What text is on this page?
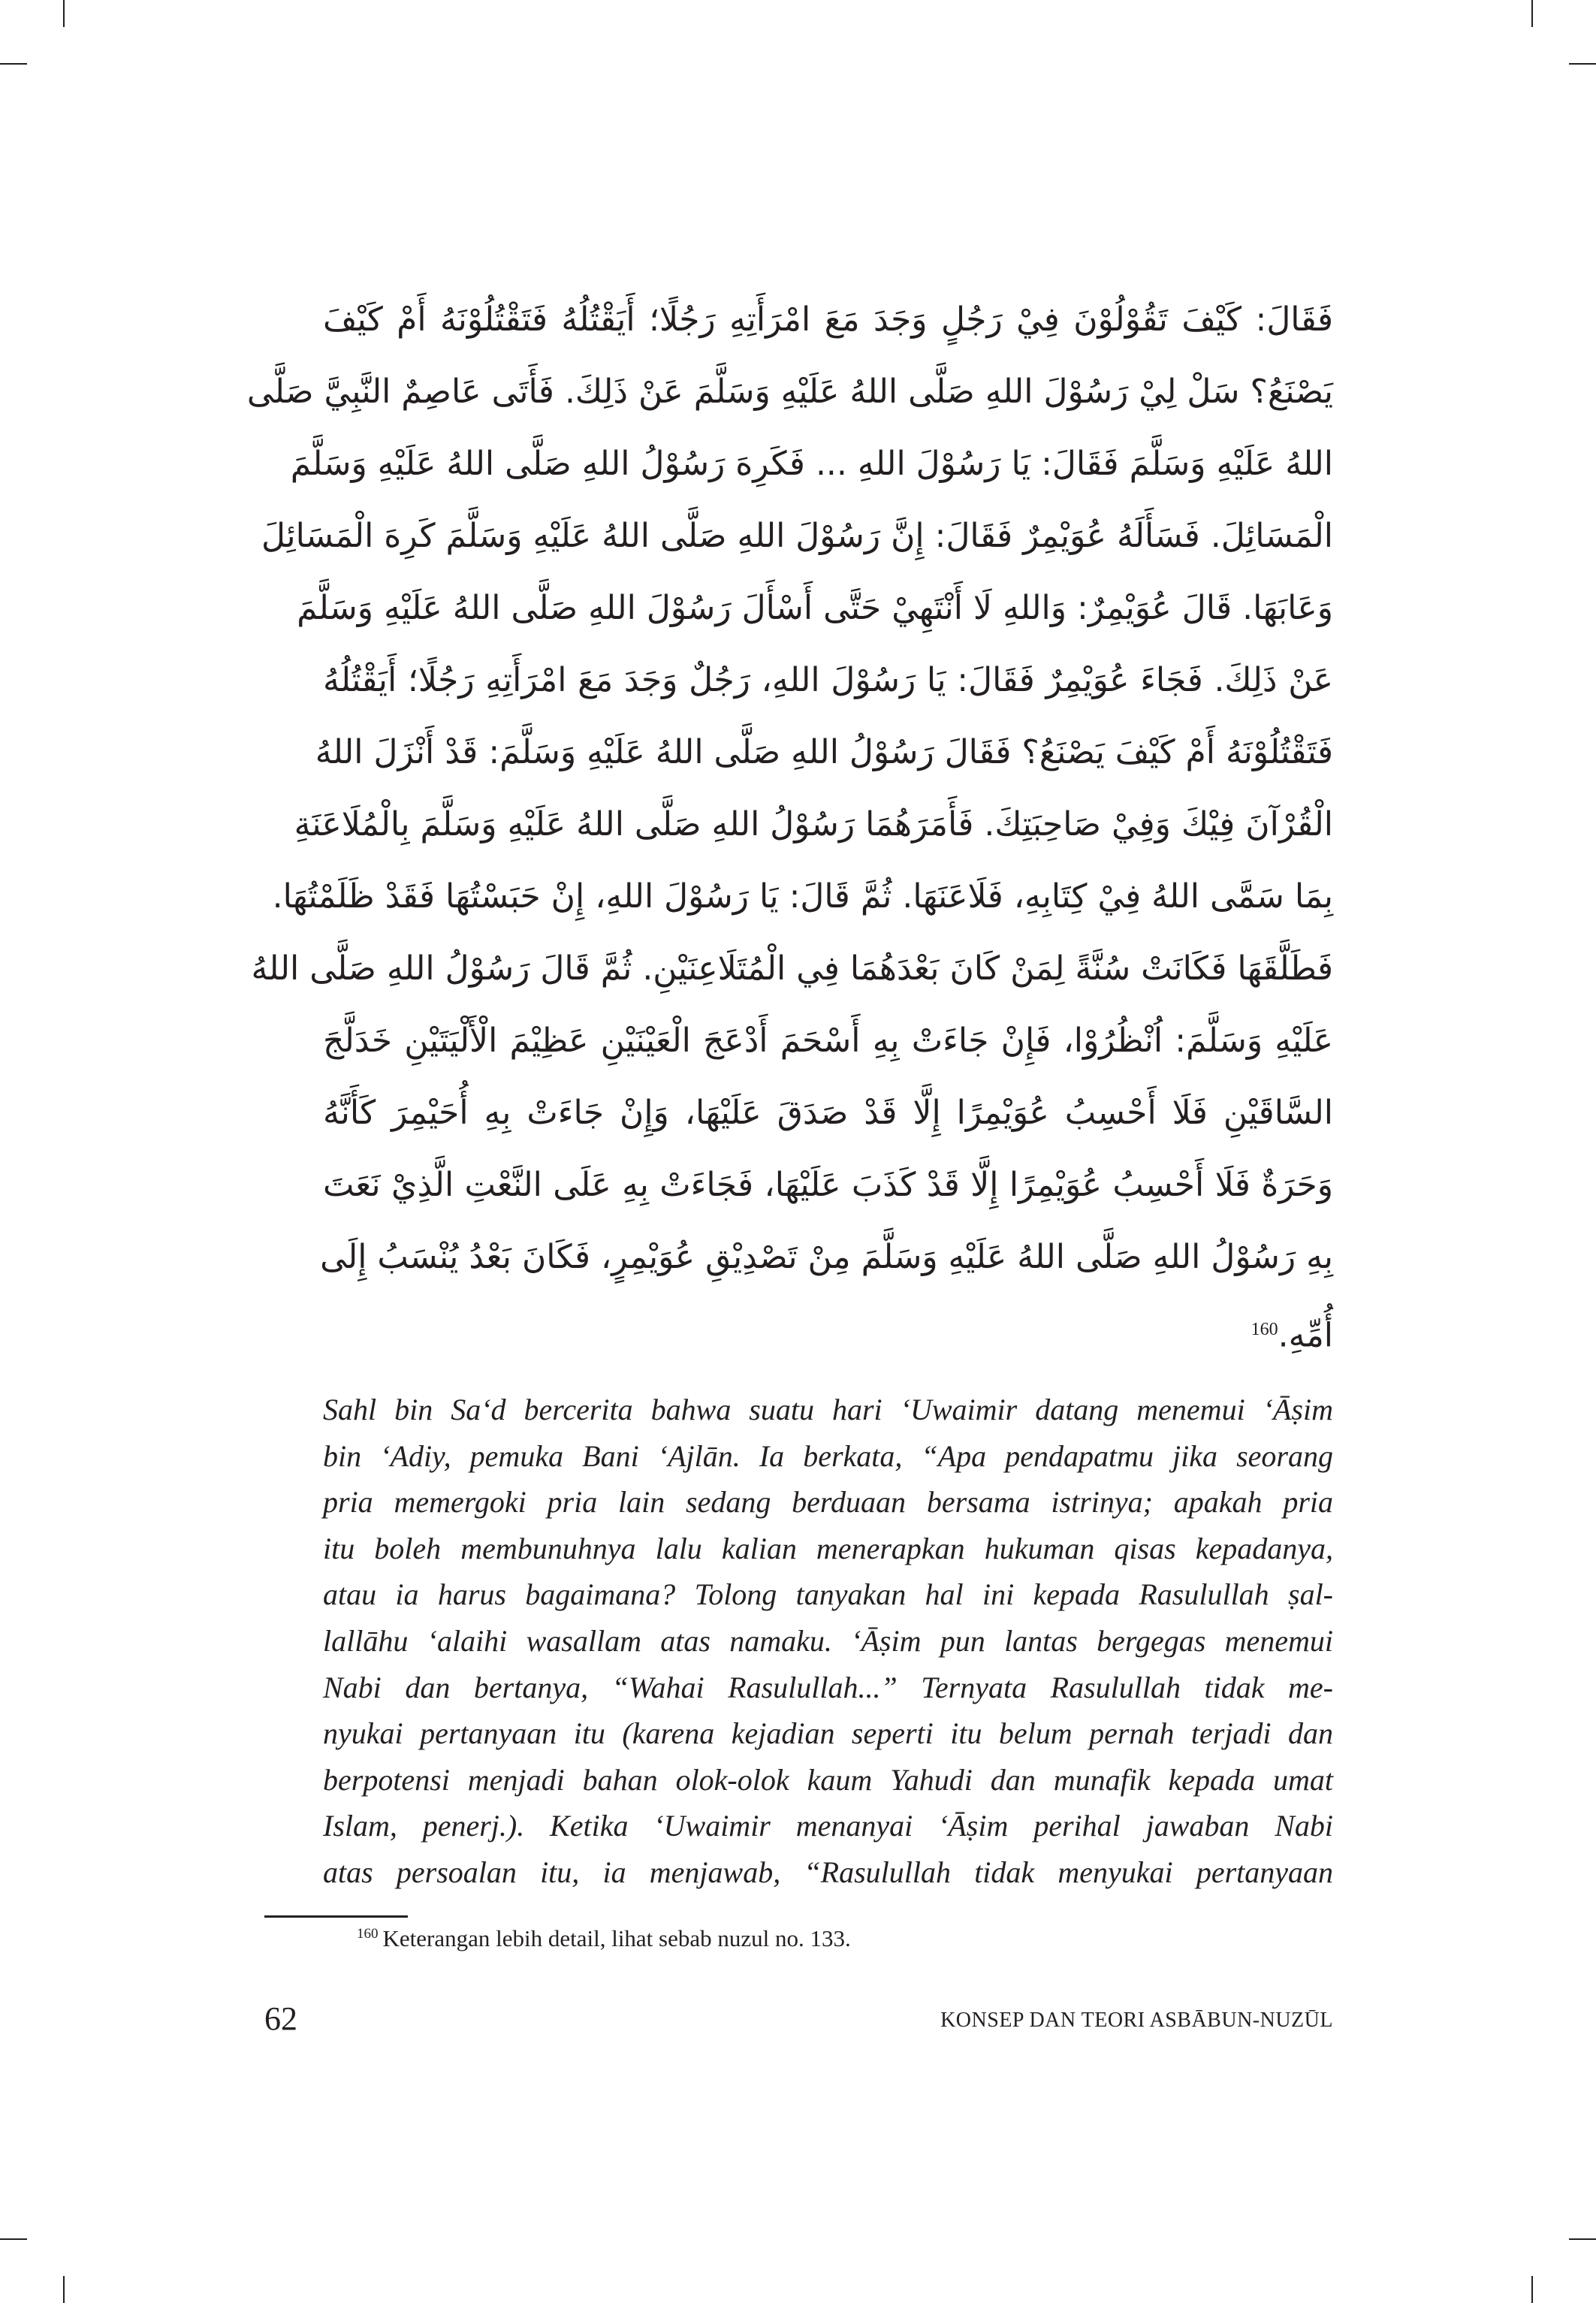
فَقَالَ: كَيْفَ تَقُوْلُوْنَ فِيْ رَجُلٍ وَجَدَ مَعَ امْرَأَتِهِ رَجُلًا؛ أَيَقْتُلُهُ فَتَقْتُلُوْنَهُ أَمْ كَيْفَ
يَصْنَعُ؟ سَلْ لِيْ رَسُوْلَ اللهِ صَلَّى اللهُ عَلَيْهِ وَسَلَّمَ عَنْ ذَلِكَ. فَأَتَى عَاصِمٌ النَّبِيَّ صَلَّى
اللهُ عَلَيْهِ وَسَلَّمَ فَقَالَ: يَا رَسُوْلَ اللهِ ... فَكَرِهَ رَسُوْلُ اللهِ صَلَّى اللهُ عَلَيْهِ وَسَلَّمَ
الْمَسَائِلَ. فَسَأَلَهُ عُوَيْمِرٌ فَقَالَ: إِنَّ رَسُوْلَ اللهِ صَلَّى اللهُ عَلَيْهِ وَسَلَّمَ كَرِهَ الْمَسَائِلَ
وَعَابَهَا. قَالَ عُوَيْمِرٌ: وَاللهِ لَا أَنْتَهِيْ حَتَّى أَسْأَلَ رَسُوْلَ اللهِ صَلَّى اللهُ عَلَيْهِ وَسَلَّمَ
عَنْ ذَلِكَ. فَجَاءَ عُوَيْمِرٌ فَقَالَ: يَا رَسُوْلَ اللهِ، رَجُلٌ وَجَدَ مَعَ امْرَأَتِهِ رَجُلًا؛ أَيَقْتُلُهُ
فَتَقْتُلُوْنَهُ أَمْ كَيْفَ يَصْنَعُ؟ فَقَالَ رَسُوْلُ اللهِ صَلَّى اللهُ عَلَيْهِ وَسَلَّمَ: قَدْ أَنْزَلَ اللهُ
الْقُرْآنَ فِيْكَ وَفِيْ صَاحِبَتِكَ. فَأَمَرَهُمَا رَسُوْلُ اللهِ صَلَّى اللهُ عَلَيْهِ وَسَلَّمَ بِالْمُلَاعَنَةِ
بِمَا سَمَّى اللهُ فِيْ كِتَابِهِ، فَلَاعَنَهَا. ثُمَّ قَالَ: يَا رَسُوْلَ اللهِ، إِنْ حَبَسْتُهَا فَقَدْ ظَلَمْتُهَا.
فَطَلَّقَهَا فَكَانَتْ سُنَّةً لِمَنْ كَانَ بَعْدَهُمَا فِي الْمُتَلَاعِنَيْنِ. ثُمَّ قَالَ رَسُوْلُ اللهِ صَلَّى اللهُ
عَلَيْهِ وَسَلَّمَ: اُنْظُرُوْا، فَإِنْ جَاءَتْ بِهِ أَسْحَمَ أَدْعَجَ الْعَيْنَيْنِ عَظِيْمَ الْأَلْيَتَيْنِ خَدَلَّجَ
السَّاقَيْنِ فَلَا أَحْسِبُ عُوَيْمِرًا إِلَّا قَدْ صَدَقَ عَلَيْهَا، وَإِنْ جَاءَتْ بِهِ أُحَيْمِرَ كَأَنَّهُ
وَحَرَةٌ فَلَا أَحْسِبُ عُوَيْمِرًا إِلَّا قَدْ كَذَبَ عَلَيْهَا، فَجَاءَتْ بِهِ عَلَى النَّعْتِ الَّذِيْ نَعَتَ
بِهِ رَسُوْلُ اللهِ صَلَّى اللهُ عَلَيْهِ وَسَلَّمَ مِنْ تَصْدِيْقِ عُوَيْمِرٍ، فَكَانَ بَعْدُ يُنْسَبُ إِلَى
أُمِّهِ.$^{160}$
Sahl bin Sa‘d bercerita bahwa suatu hari ‘Uwaimir datang menemui ‘Āṣim
bin ‘Adiy, pemuka Bani ‘Ajlān. Ia berkata, “Apa pendapatmu jika seorang
pria memergoki pria lain sedang berduaan bersama istrinya; apakah pria
itu boleh membunuhnya lalu kalian menerapkan hukuman qisas kepadanya,
atau ia harus bagaimana? Tolong tanyakan hal ini kepada Rasulullah ṣal-
lallāhu ‘alaihi wasallam atas namaku. ‘Āṣim pun lantas bergegas menemui
Nabi dan bertanya, “Wahai Rasulullah...” Ternyata Rasulullah tidak me-
nyukai pertanyaan itu (karena kejadian seperti itu belum pernah terjadi dan
berpotensi menjadi bahan olok-olok kaum Yahudi dan munafik kepada umat
Islam, penerj.). Ketika ‘Uwaimir menanyai ‘Āṣim perihal jawaban Nabi
atas persoalan itu, ia menjawab, “Rasulullah tidak menyukai pertanyaan
$^{160}$ Keterangan lebih detail, lihat sebab nuzul no. 133.
62	KONSEP DAN TEORI ASBĀBUN-NUZŪL
